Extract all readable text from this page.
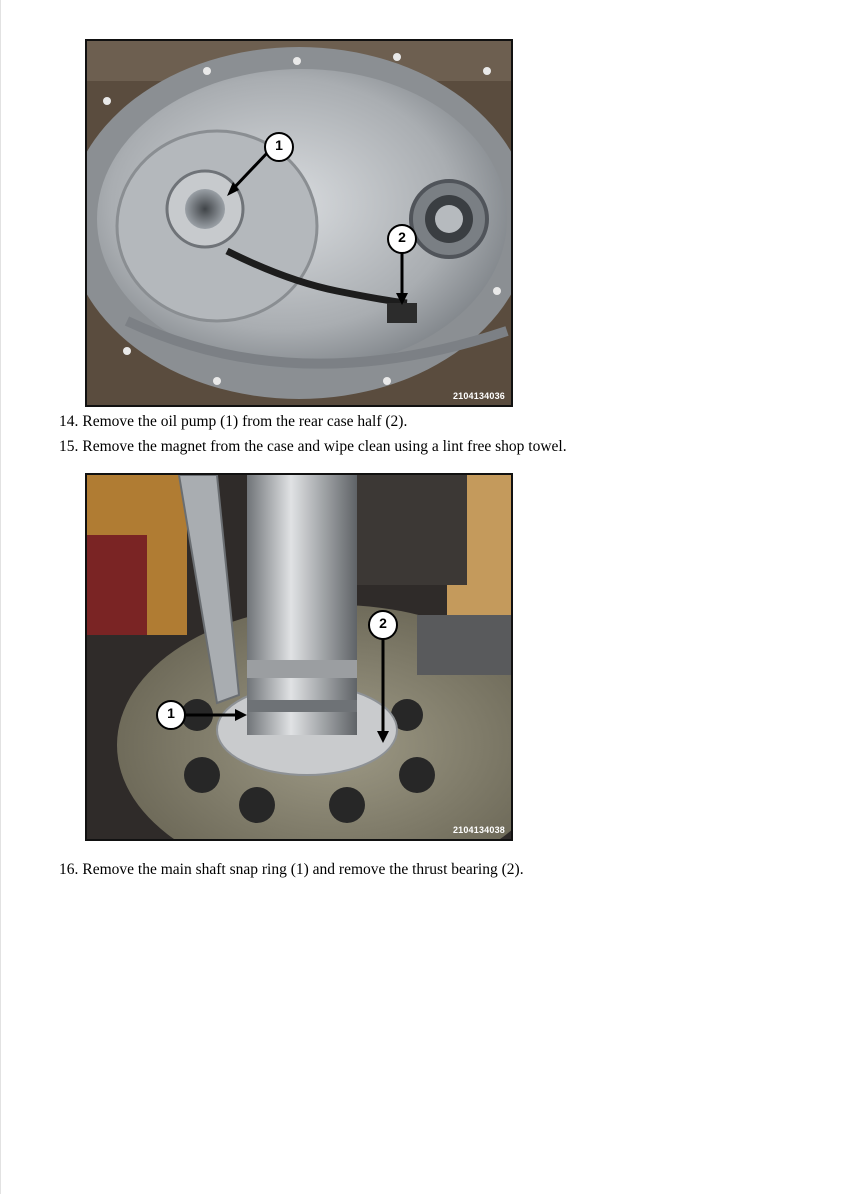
1
2
2104134036
14. Remove the oil pump (1) from the rear case half (2).
15. Remove the magnet from the case and wipe clean using a lint free shop towel.
1
2
2104134038
16. Remove the main shaft snap ring (1) and remove the thrust bearing (2).
